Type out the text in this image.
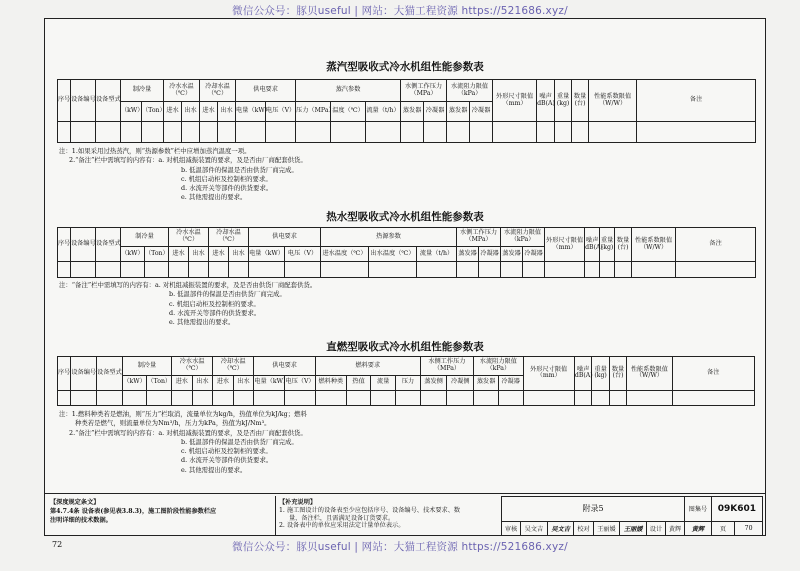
微信公众号：豚贝useful | 网站：大猫工程资源 https://521686.xyz/
蒸汽型吸收式冷水机组性能参数表
序号	设备编号	设备型式	制冷量		冷水水温（℃）		冷却水温（℃）		供电要求		蒸汽参数			水侧工作压力（MPa）		水流阻力限值（kPa）		外形尺寸限值（mm）	噪声dB(A)	重量(kg)	数量(台)	性能系数限值（W/W）	备注
			（kW）	（Ton）	进水	出水	进水	出水	电量（kW）	电压（V）	压力（MPa）	温度（℃）	流量（t/h）	蒸发器	冷凝器	蒸发器	冷凝器						

注：1.如果采用过热蒸汽，则“热源参数”栏中应增加蒸汽温度一项。
2.“备注”栏中需填写的内容有：a. 对机组减振装置的要求，及是否由厂商配套供货。
b. 低温部件的保温是否由供货厂商完成。
c. 机组启动柜及控制柜的要求。
d. 水流开关等部件的供货要求。
e. 其他需提出的要求。
热水型吸收式冷水机组性能参数表
序号	设备编号	设备型式	制冷量		冷水水温（℃）		冷却水温（℃）		供电要求		热源参数			水侧工作压力（MPa）		水流阻力限值（kPa）		外形尺寸限值（mm）	噪声dB(A)	重量(kg)	数量(台)	性能系数限值（W/W）	备注
			（kW）	（Ton）	进水	出水	进水	出水	电量（kW）	电压（V）	进水温度（℃）	出水温度（℃）	流量（t/h）	蒸发器	冷凝器	蒸发器	冷凝器						

注：“备注”栏中需填写的内容有：a. 对机组减振装置的要求，及是否由供货厂商配套供货。
b. 低温部件的保温是否由供货厂商完成。
c. 机组启动柜及控制柜的要求。
d. 水流开关等部件的供货要求。
e. 其他需提出的要求。
直燃型吸收式冷水机组性能参数表
序号	设备编号	设备型式	制冷量		冷水水温（℃）		冷却水温（℃）		供电要求		燃料要求				水侧工作压力（MPa）		水流阻力限值（kPa）		外形尺寸限值（mm）	噪声dB(A)	重量(kg)	数量(台)	性能系数限值（W/W）	备注
			（kW）	（Ton）	进水	出水	进水	出水	电量（kW）	电压（V）	燃料种类	热值	流量	压力	蒸发侧	冷凝侧	蒸发器	冷凝器						

注：1.燃料种类若是燃油，则“压力”栏取消，流量单位为kg/h，热值单位为kJ/kg；燃料
种类若是燃气，则流量单位为Nm³/h，压力为kPa，热值为kJ/Nm³。
2.“备注”栏中需填写的内容有：a. 对机组减振装置的要求，及是否由厂商配套供货。
b. 低温部件的保温是否由供货厂商完成。
c. 机组启动柜及控制柜的要求。
d. 水流开关等部件的供货要求。
e. 其他需提出的要求。
【深度规定条文】
第4.7.4条 设备表(参见表3.8.3)，施工图阶段性能参数栏应
注明详细的技术数据。
【补充说明】
1. 施工图设计的设备表至少应包括序号、设备编号、技术要求、数
量、备注栏，且需满足设备订货要求。
2. 设备表中的单位应采用法定计量单位表示。
附录5								图集号	09K601	
审核	吴文吉	吴文吉	校对	王丽媛	王丽媛	设计	黄辉	黄辉	页	70
72	微信公众号：豚贝useful | 网站：大猫工程资源 https://521686.xyz/
